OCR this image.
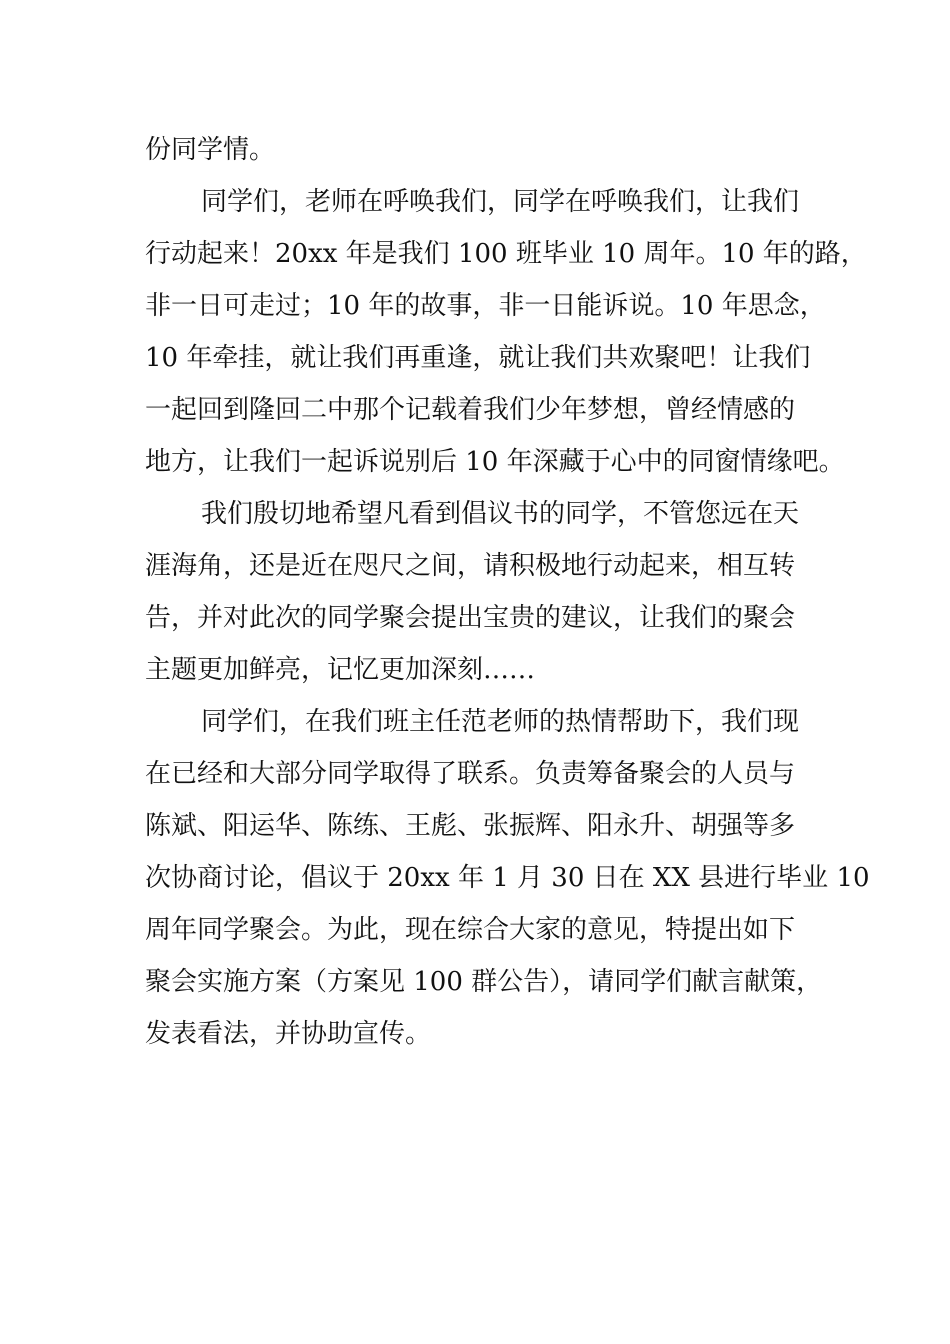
份同学情。
同学们，老师在呼唤我们，同学在呼唤我们，让我们
行动起来！20xx 年是我们 100 班毕业 10 周年。10 年的路，
非一日可走过；10 年的故事，非一日能诉说。10 年思念，
10 年牵挂，就让我们再重逢，就让我们共欢聚吧！让我们
一起回到隆回二中那个记载着我们少年梦想，曾经情感的
地方，让我们一起诉说别后 10 年深藏于心中的同窗情缘吧。
我们殷切地希望凡看到倡议书的同学，不管您远在天
涯海角，还是近在咫尺之间，请积极地行动起来，相互转
告，并对此次的同学聚会提出宝贵的建议，让我们的聚会
主题更加鲜亮，记忆更加深刻……
同学们，在我们班主任范老师的热情帮助下，我们现
在已经和大部分同学取得了联系。负责筹备聚会的人员与
陈斌、阳运华、陈练、王彪、张振辉、阳永升、胡强等多
次协商讨论，倡议于 20xx 年 1 月 30 日在 XX 县进行毕业 10
周年同学聚会。为此，现在综合大家的意见，特提出如下
聚会实施方案（方案见 100 群公告），请同学们献言献策，
发表看法，并协助宣传。
